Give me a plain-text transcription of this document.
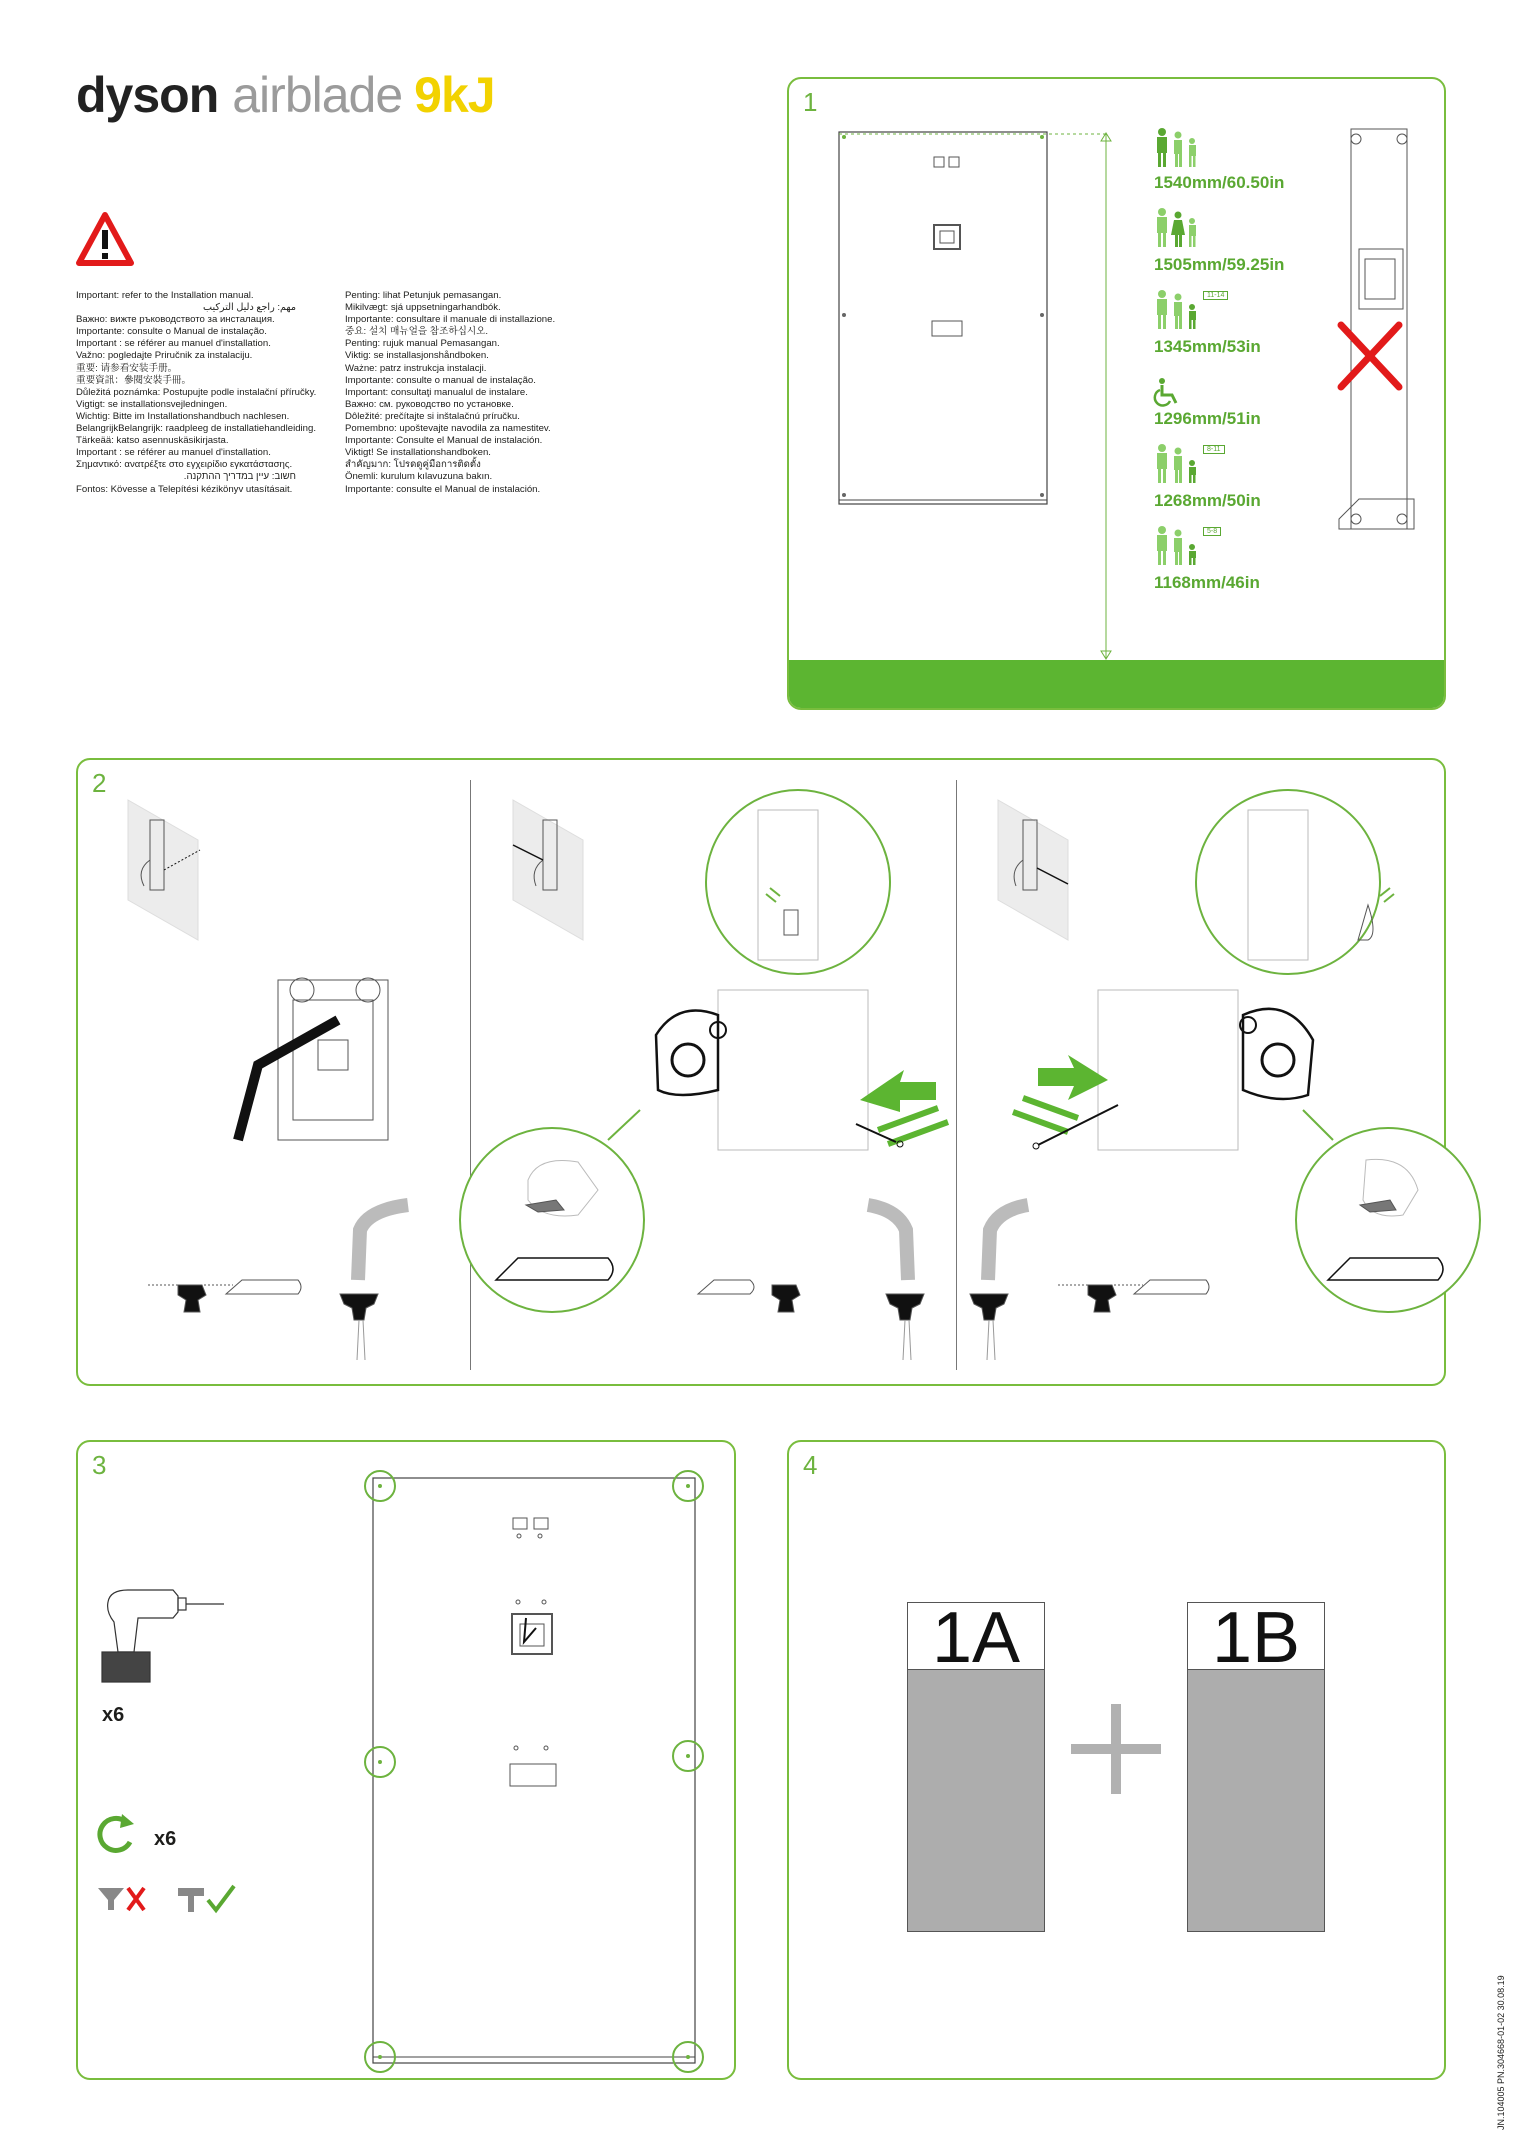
dyson airblade 9kJ
Important: refer to the Installation manual.
مهم: راجع دليل التركيب
Важно: вижте ръководството за инсталация.
Importante: consulte o Manual de instalação.
Important : se référer au manuel d'installation.
Važno: pogledajte Priručnik za instalaciju.
重要: 请参看安装手册。
重要資訊：參閱安裝手冊。
Důležitá poznámka: Postupujte podle instalační příručky.
Vigtigt: se installationsvejledningen.
Wichtig: Bitte im Installationshandbuch nachlesen.
BelangrijkBelangrijk: raadpleeg de installatiehandleiding.
Tärkeää: katso asennuskäsikirjasta.
Important : se référer au manuel d'installation.
Σημαντικό: ανατρέξτε στο εγχειρίδιο εγκατάστασης.
חשוב: עיין במדריך ההתקנה.
Fontos: Kövesse a Telepítési kézikönyv utasításait.
Penting: lihat Petunjuk pemasangan.
Mikilvægt: sjá uppsetningarhandbók.
Importante: consultare il manuale di installazione.
중요: 설치 매뉴얼을 참조하십시오.
Penting: rujuk manual Pemasangan.
Viktig: se installasjonshåndboken.
Ważne: patrz instrukcja instalacji.
Importante: consulte o manual de instalação.
Important: consultaţi manualul de instalare.
Важно: см. руководство по установке.
Dôležité: prečítajte si inštalačnú príručku.
Pomembno: upoštevajte navodila za namestitev.
Importante: Consulte el Manual de instalación.
Viktigt! Se installationshandboken.
สำคัญมาก: โปรดดูคู่มือการติดตั้ง
Önemli: kurulum kılavuzuna bakın.
Importante: consulte el Manual de instalación.
1
1540mm/60.50in
1505mm/59.25in
11-14
1345mm/53in
1296mm/51in
8-11
1268mm/50in
5-8
1168mm/46in
2
3
x6
x6
4
1A	1B
JN.104005 PN.304668-01-02 30.08.19
